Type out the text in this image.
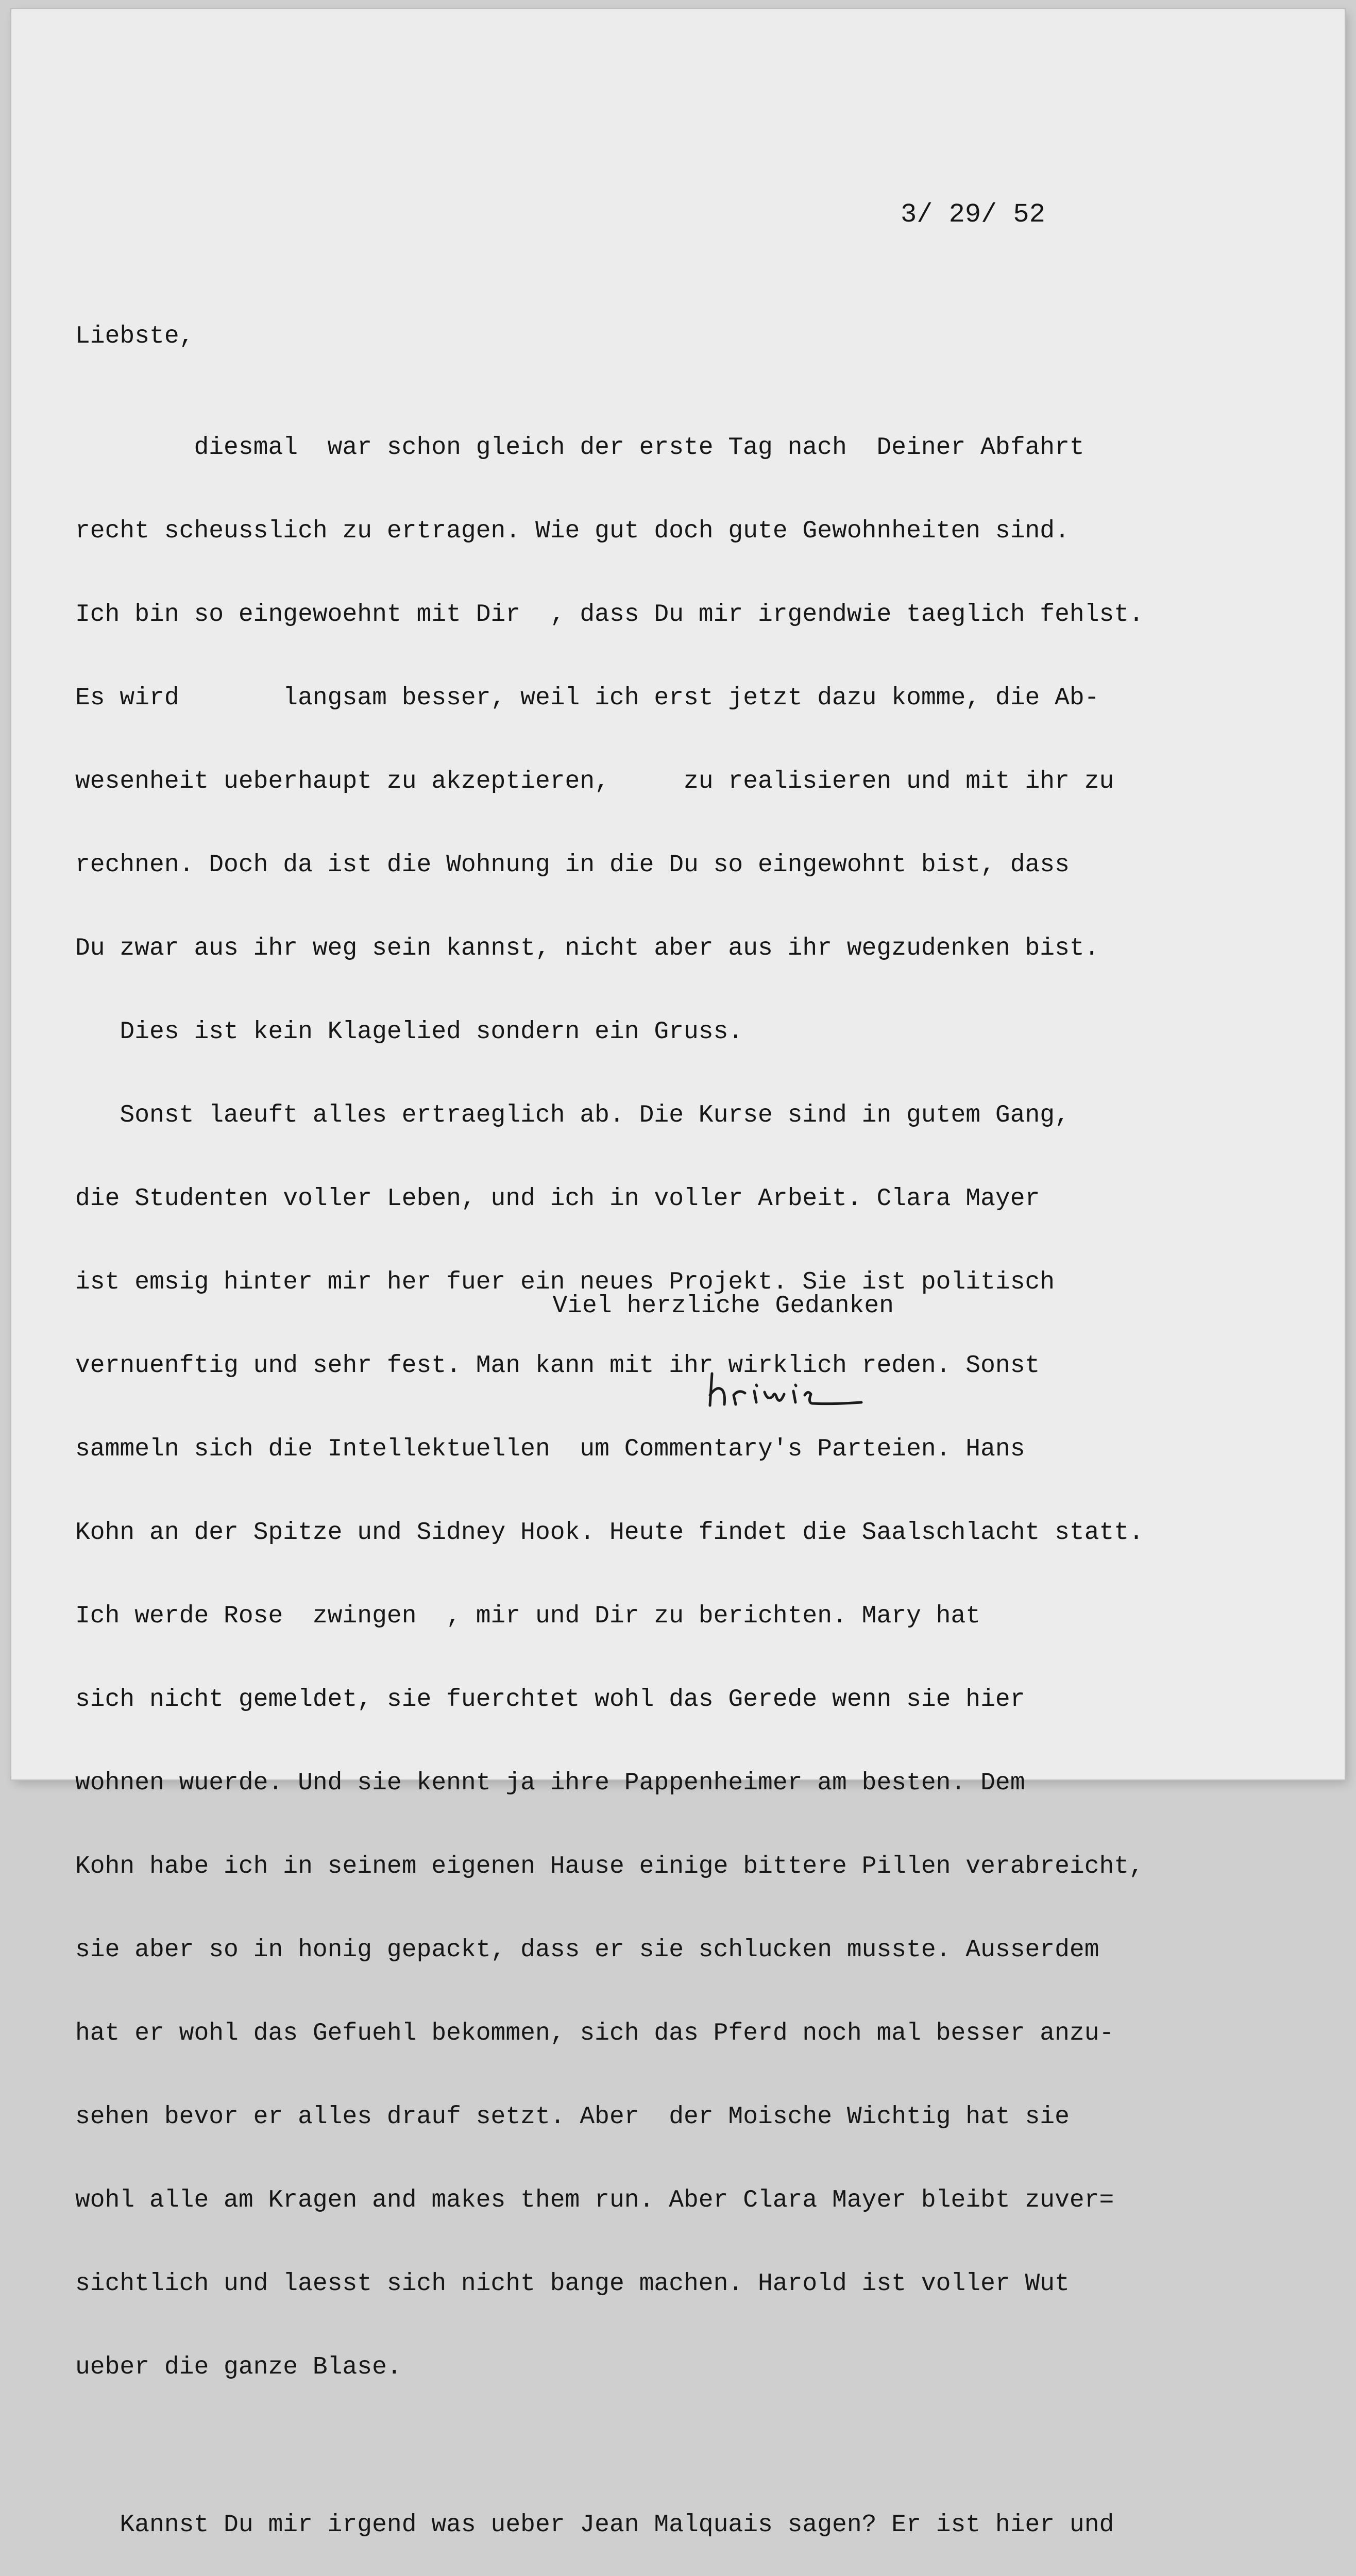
3/ 29/ 52
Liebste,

diesmal  war schon gleich der erste Tag nach  Deiner Abfahrt

recht scheusslich zu ertragen. Wie gut doch gute Gewohnheiten sind.

Ich bin so eingewoehnt mit Dir  , dass Du mir irgendwie taeglich fehlst.

Es wird       langsam besser, weil ich erst jetzt dazu komme, die Ab-

wesenheit ueberhaupt zu akzeptieren,     zu realisieren und mit ihr zu

rechnen. Doch da ist die Wohnung in die Du so eingewohnt bist, dass

Du zwar aus ihr weg sein kannst, nicht aber aus ihr wegzudenken bist.

Dies ist kein Klagelied sondern ein Gruss.

Sonst laeuft alles ertraeglich ab. Die Kurse sind in gutem Gang,

die Studenten voller Leben, und ich in voller Arbeit. Clara Mayer

ist emsig hinter mir her fuer ein neues Projekt. Sie ist politisch

vernuenftig und sehr fest. Man kann mit ihr wirklich reden. Sonst

sammeln sich die Intellektuellen  um Commentary's Parteien. Hans

Kohn an der Spitze und Sidney Hook. Heute findet die Saalschlacht statt.

Ich werde Rose  zwingen  , mir und Dir zu berichten. Mary hat

sich nicht gemeldet, sie fuerchtet wohl das Gerede wenn sie hier

wohnen wuerde. Und sie kennt ja ihre Pappenheimer am besten. Dem

Kohn habe ich in seinem eigenen Hause einige bittere Pillen verabreicht,

sie aber so in honig gepackt, dass er sie schlucken musste. Ausserdem

hat er wohl das Gefuehl bekommen, sich das Pferd noch mal besser anzu-

sehen bevor er alles drauf setzt. Aber  der Moische Wichtig hat sie

wohl alle am Kragen and makes them run. Aber Clara Mayer bleibt zuver=

sichtlich und laesst sich nicht bange machen. Harold ist voller Wut

ueber die ganze Blase.

Kannst Du mir irgend was ueber Jean Malquais sagen? Er ist hier und

Viel herzliche Gedanken
